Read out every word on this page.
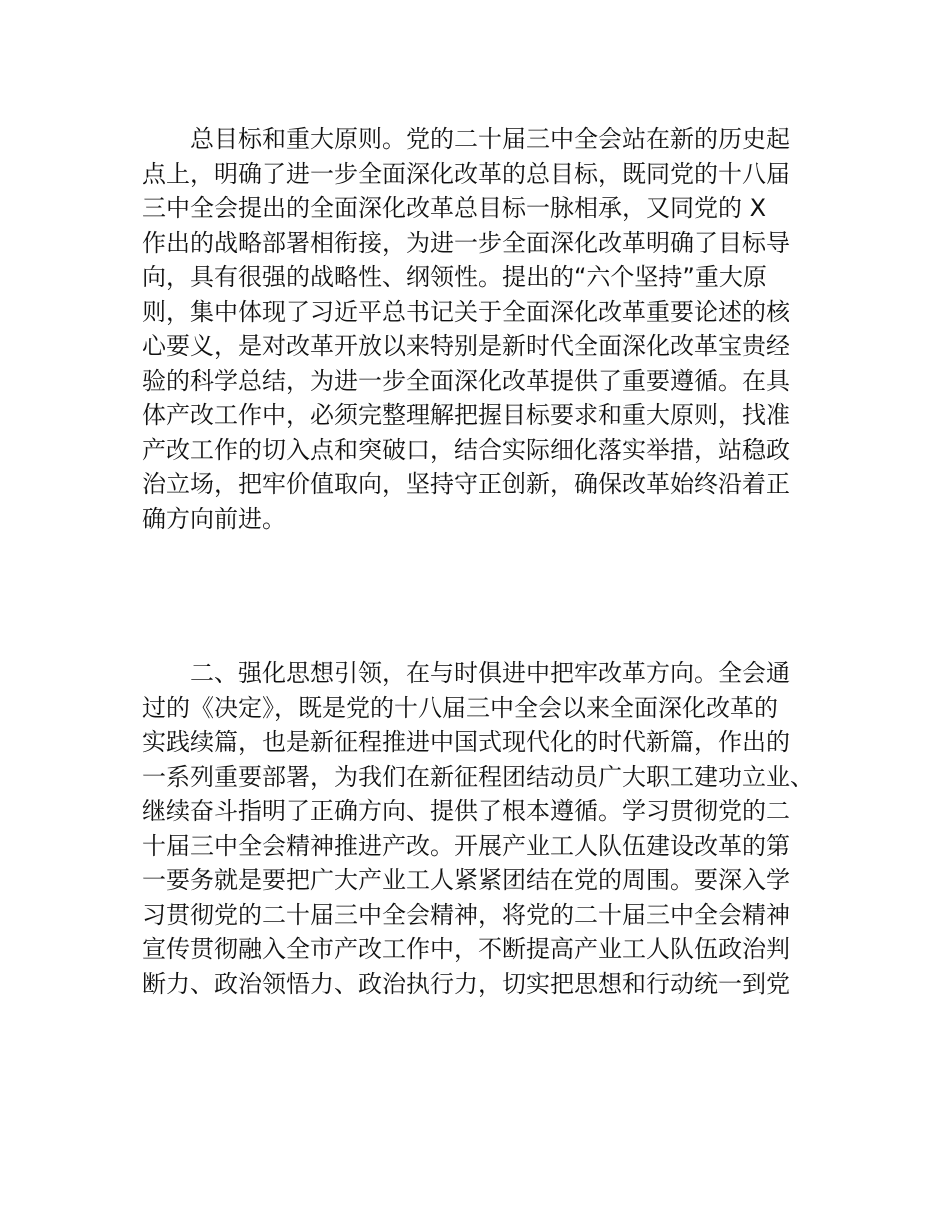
总目标和重大原则。党的二十届三中全会站在新的历史起
点上，明确了进一步全面深化改革的总目标，既同党的十八届
三中全会提出的全面深化改革总目标一脉相承，又同党的 X
作出的战略部署相衔接，为进一步全面深化改革明确了目标导
向，具有很强的战略性、纲领性。提出的“六个坚持”重大原
则，集中体现了习近平总书记关于全面深化改革重要论述的核
心要义，是对改革开放以来特别是新时代全面深化改革宝贵经
验的科学总结，为进一步全面深化改革提供了重要遵循。在具
体产改工作中，必须完整理解把握目标要求和重大原则，找准
产改工作的切入点和突破口，结合实际细化落实举措，站稳政
治立场，把牢价值取向，坚持守正创新，确保改革始终沿着正
确方向前进。
二、强化思想引领，在与时俱进中把牢改革方向。全会通
过的《决定》，既是党的十八届三中全会以来全面深化改革的
实践续篇，也是新征程推进中国式现代化的时代新篇，作出的
一系列重要部署，为我们在新征程团结动员广大职工建功立业、
继续奋斗指明了正确方向、提供了根本遵循。学习贯彻党的二
十届三中全会精神推进产改。开展产业工人队伍建设改革的第
一要务就是要把广大产业工人紧紧团结在党的周围。要深入学
习贯彻党的二十届三中全会精神，将党的二十届三中全会精神
宣传贯彻融入全市产改工作中，不断提高产业工人队伍政治判
断力、政治领悟力、政治执行力，切实把思想和行动统一到党
